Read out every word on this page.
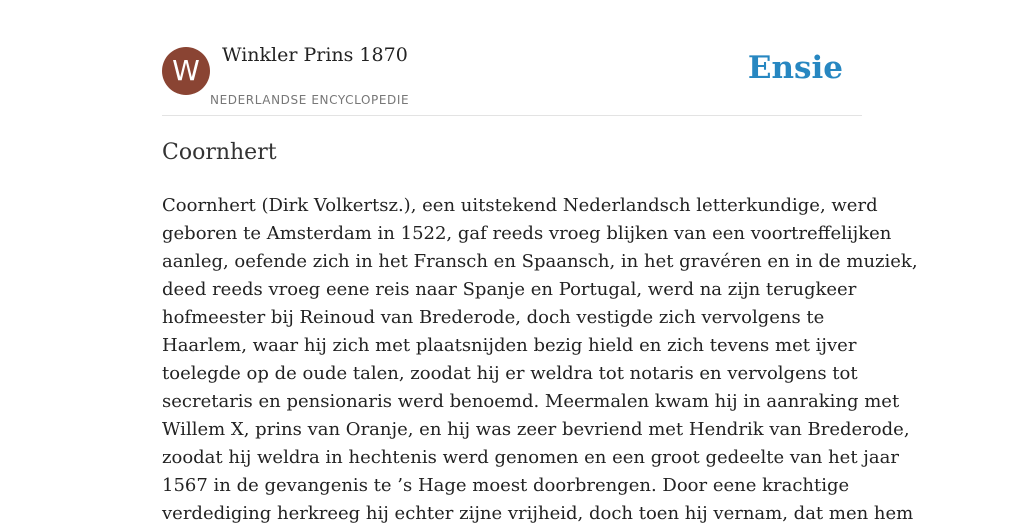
W	Winkler Prins 1870
NEDERLANDSE ENCYCLOPEDIE
Ensie
Coornhert
Coornhert (Dirk Volkertsz.), een uitstekend Nederlandsch letterkundige, werd
geboren te Amsterdam in 1522, gaf reeds vroeg blijken van een voortreffelijken
aanleg, oefende zich in het Fransch en Spaansch, in het gravéren en in de muziek,
deed reeds vroeg eene reis naar Spanje en Portugal, werd na zijn terugkeer
hofmeester bij Reinoud van Brederode, doch vestigde zich vervolgens te
Haarlem, waar hij zich met plaatsnijden bezig hield en zich tevens met ijver
toelegde op de oude talen, zoodat hij er weldra tot notaris en vervolgens tot
secretaris en pensionaris werd benoemd. Meermalen kwam hij in aanraking met
Willem X, prins van Oranje, en hij was zeer bevriend met Hendrik van Brederode,
zoodat hij weldra in hechtenis werd genomen en een groot gedeelte van het jaar
1567 in de gevangenis te ’s Hage moest doorbrengen. Door eene krachtige
verdediging herkreeg hij echter zijne vrijheid, doch toen hij vernam, dat men hem
